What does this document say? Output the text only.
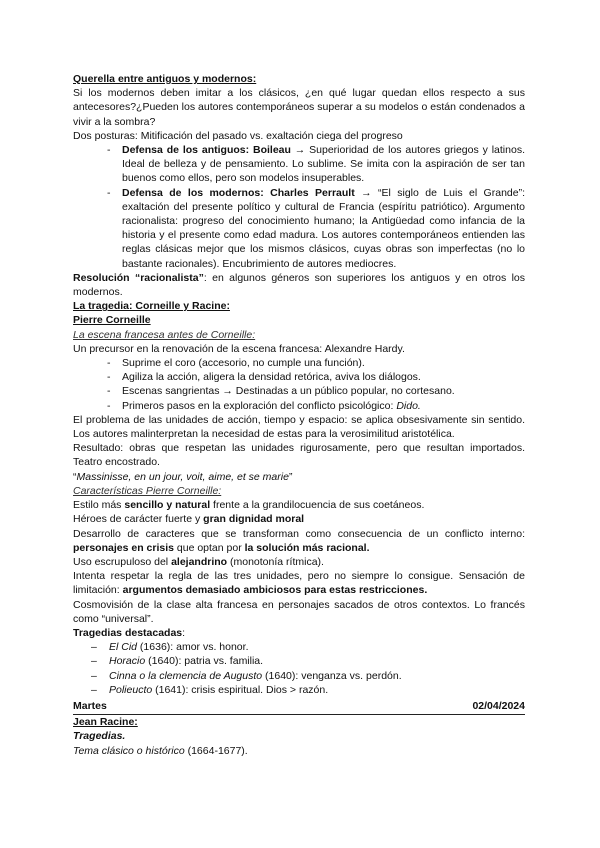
Querella entre antiguos y modernos:

Si los modernos deben imitar a los clásicos, ¿en qué lugar quedan ellos respecto a sus antecesores?¿Pueden los autores contemporáneos superar a su modelos o están condenados a vivir a la sombra?

Dos posturas: Mitificación del pasado vs. exaltación ciega del progreso

- Defensa de los antiguos: Boileau → Superioridad de los autores griegos y latinos. Ideal de belleza y de pensamiento. Lo sublime. Se imita con la aspiración de ser tan buenos como ellos, pero son modelos insuperables.
- Defensa de los modernos: Charles Perrault → “El siglo de Luis el Grande”: exaltación del presente político y cultural de Francia (espíritu patriótico). Argumento racionalista: progreso del conocimiento humano; la Antigüedad como infancia de la historia y el presente como edad madura. Los autores contemporáneos entienden las reglas clásicas mejor que los mismos clásicos, cuyas obras son imperfectas (no lo bastante racionales). Encubrimiento de autores mediocres.

Resolución “racionalista”: en algunos géneros son superiores los antiguos y en otros los modernos.

La tragedia: Corneille y Racine:

Pierre Corneille

La escena francesa antes de Corneille:

Un precursor en la renovación de la escena francesa: Alexandre Hardy.

- Suprime el coro (accesorio, no cumple una función).
- Agiliza la acción, aligera la densidad retórica, aviva los diálogos.
- Escenas sangrientas → Destinadas a un público popular, no cortesano.
- Primeros pasos en la exploración del conflicto psicológico: Dido.

El problema de las unidades de acción, tiempo y espacio: se aplica obsesivamente sin sentido. Los autores malinterpretan la necesidad de estas para la verosimilitud aristotélica.

Resultado: obras que respetan las unidades rigurosamente, pero que resultan importados. Teatro encostrado.

“Massinisse, en un jour, voit, aime, et se marie”

Características Pierre Corneille:

Estilo más sencillo y natural frente a la grandilocuencia de sus coetáneos.

Héroes de carácter fuerte y gran dignidad moral

Desarrollo de caracteres que se transforman como consecuencia de un conflicto interno: personajes en crisis que optan por la solución más racional.

Uso escrupuloso del alejandrino (monotonía rítmica).

Intenta respetar la regla de las tres unidades, pero no siempre lo consigue. Sensación de limitación: argumentos demasiado ambiciosos para estas restricciones.

Cosmovisión de la clase alta francesa en personajes sacados de otros contextos. Lo francés como “universal”.

Tragedias destacadas:

– El Cid (1636): amor vs. honor.
– Horacio (1640): patria vs. familia.
– Cinna o la clemencia de Augusto (1640): venganza vs. perdón.
– Polieucto (1641): crisis espiritual. Dios > razón.
Martes	02/04/2024

Jean Racine:

Tragedias.

Tema clásico o histórico (1664-1677).
